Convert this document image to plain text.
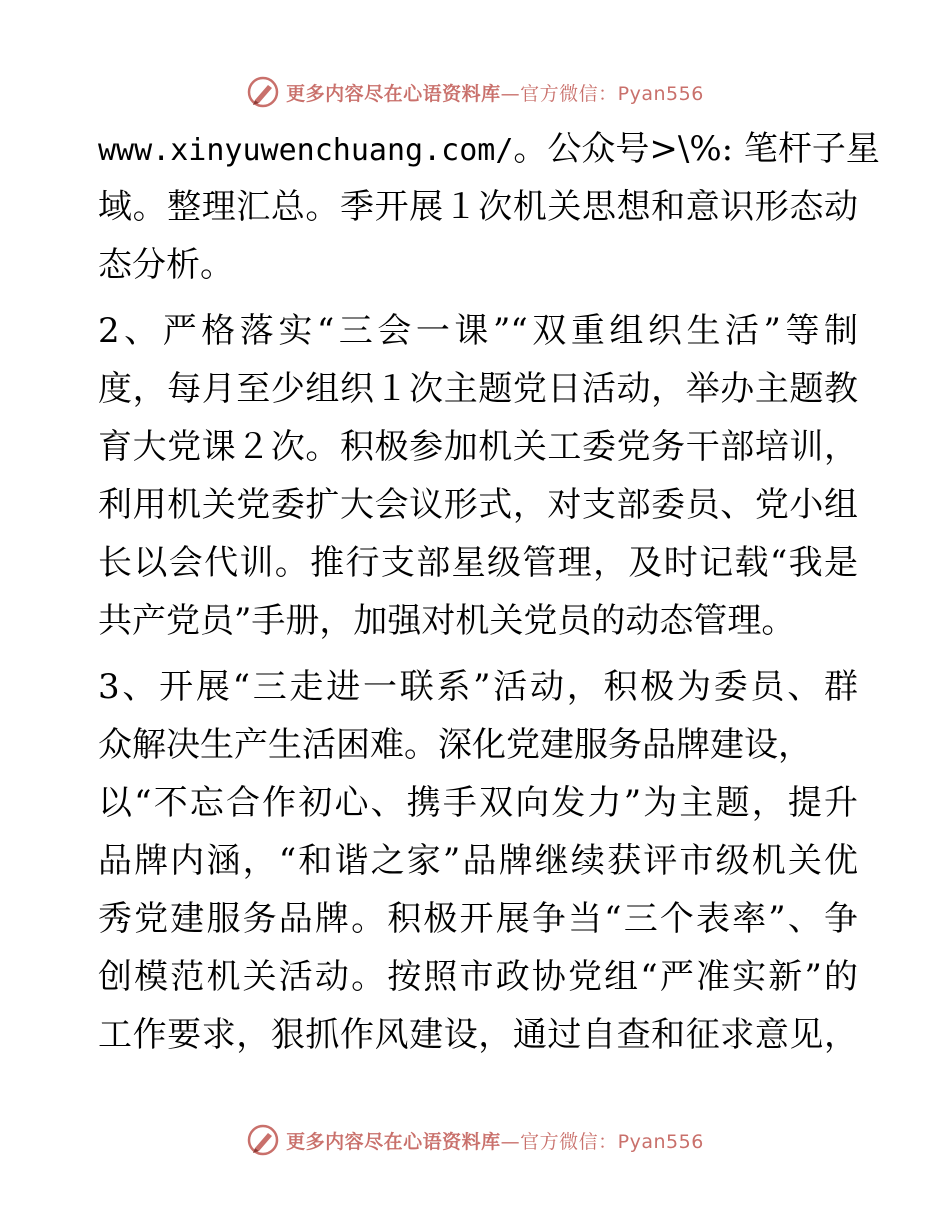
更多内容尽在心语资料库—官方微信：Pyan556
www.xinyuwenchuang.com/。公众号>\%: 笔杆子星
域。整理汇总。季开展１次机关思想和意识形态动
态分析。
2、严格落实“三会一课”“双重组织生活”等制
度，每月至少组织１次主题党日活动，举办主题教
育大党课２次。积极参加机关工委党务干部培训，
利用机关党委扩大会议形式，对支部委员、党小组
长以会代训。推行支部星级管理，及时记载“我是
共产党员”手册，加强对机关党员的动态管理。
3、开展“三走进一联系”活动，积极为委员、群
众解决生产生活困难。深化党建服务品牌建设，
以“不忘合作初心、携手双向发力”为主题，提升
品牌内涵，“和谐之家”品牌继续获评市级机关优
秀党建服务品牌。积极开展争当“三个表率”、争
创模范机关活动。按照市政协党组“严准实新”的
工作要求，狠抓作风建设，通过自查和征求意见，
更多内容尽在心语资料库—官方微信：Pyan556
